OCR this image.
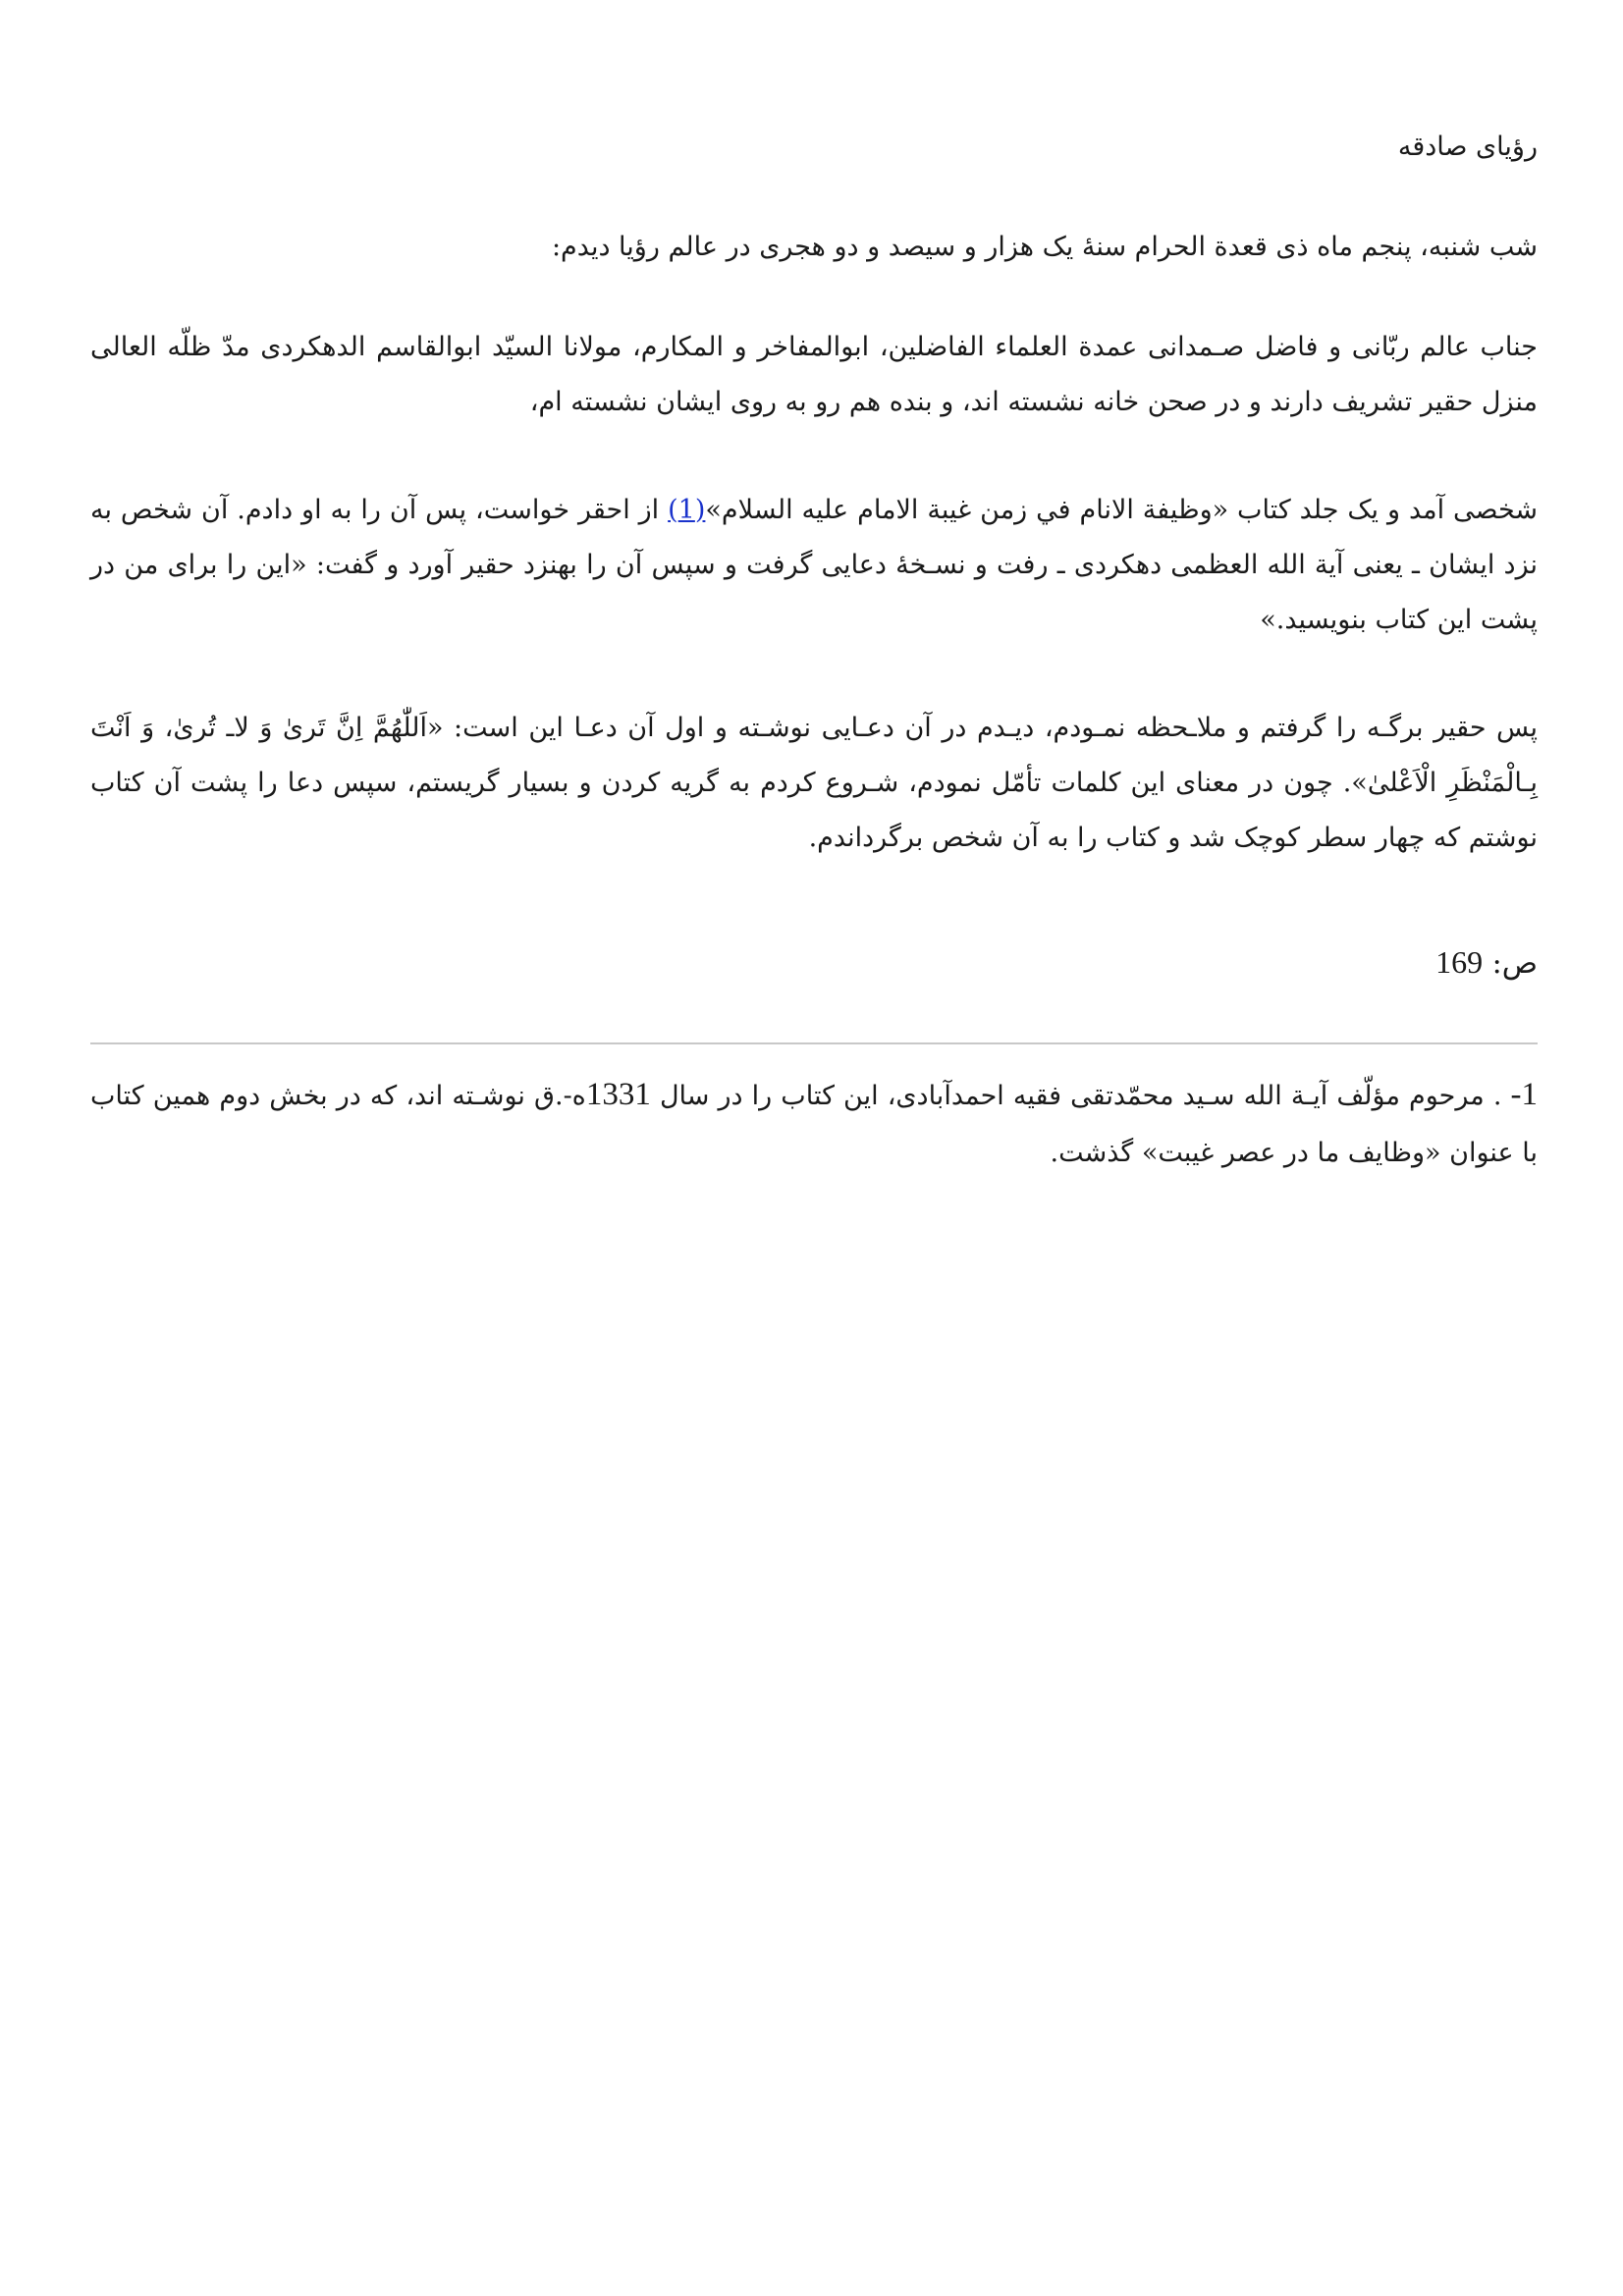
رؤیای صادقه

شب شنبه، پنجم ماه ذی قعدة الحرام سنهٔ یک هزار و سیصد و دو هجری در عالم رؤیا دیدم:

جناب عالم ربّانی و فاضل صـمدانی عمدة العلماء الفاضلین، ابوالمفاخر و المکارم، مولانا السیّد ابوالقاسم الدهکردی مدّ ظلّه العالی منزل حقیر تشریف دارند و در صحن خانه نشسته اند، و بنده هم رو به روی ایشان نشسته ام،

شخصی آمد و یک جلد کتاب «وظیفة الانام في زمن غیبة الامام علیه السلام»(1) از احقر خواست، پس آن را به او دادم. آن شخص به نزد ایشان ـ یعنی آیة الله العظمی دهکردی ـ رفت و نسـخهٔ دعایی گرفت و سپس آن را بهنزد حقیر آورد و گفت: «این را برای من در پشت این کتاب بنویسید.»

پس حقیر برگـه را گرفتم و ملاـحظه نمـودم، دیـدم در آن دعـایی نوشـته و اول آن دعـا این است: «اَللّٰهُمَّ اِنَّ تَریٰ وَ لاـ تُریٰ، وَ اَنْتَ بِـالْمَنْظَرِ الْاَعْلیٰ». چون در معنای این کلمات تأمّل نمودم، شـروع کردم به گریه کردن و بسیار گریستم، سپس دعا را پشت آن کتاب نوشتم که چهار سطر کوچک شد و کتاب را به آن شخص برگرداندم.

ص: 169

1- . مرحوم مؤلّف آیـة الله سـید محمّدتقی فقیه احمدآبادی، این کتاب را در سال 1331ه-.ق نوشـته اند، که در بخش دوم همین کتاب با عنوان «وظایف ما در عصر غیبت» گذشت.
